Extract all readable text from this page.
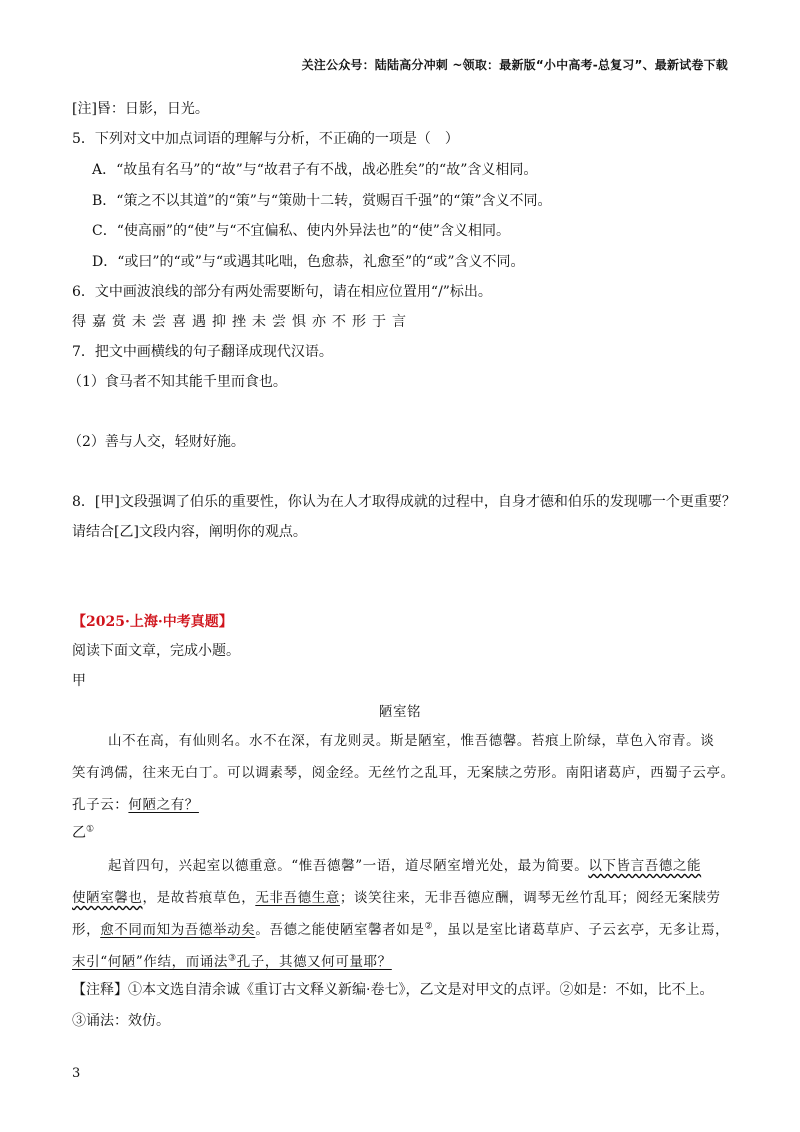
关注公众号：陆陆高分冲刺 ~领取：最新版“小中高考-总复习”、最新试卷下载
[注]昬：日影，日光。
5．下列对文中加点词语的理解与分析，不正确的一项是（　）
A．“故虽有名马”的“故”与“故君子有不战，战必胜矣”的“故”含义相同。
B．“策之不以其道”的“策”与“策勋十二转，赏赐百千强”的“策”含义不同。
C．“使高丽”的“使”与“不宜偏私、使内外异法也”的“使”含义相同。
D．“或曰”的“或”与“或遇其叱咄，色愈恭，礼愈至”的“或”含义不同。
6．文中画波浪线的部分有两处需要断句，请在相应位置用“/”标出。
得嘉赏未尝喜遇抑挫未尝惧亦不形于言
7．把文中画横线的句子翻译成现代汉语。
（1）食马者不知其能千里而食也。
（2）善与人交，轻财好施。
8．[甲]文段强调了伯乐的重要性，你认为在人才取得成就的过程中，自身才德和伯乐的发现哪一个更重要？
请结合[乙]文段内容，阐明你的观点。
【2025·上海·中考真题】
阅读下面文章，完成小题。
甲
陋室铭
山不在高，有仙则名。水不在深，有龙则灵。斯是陋室，惟吾德馨。苔痕上阶绿，草色入帘青。谈
笑有鸿儒，往来无白丁。可以调素琴，阅金经。无丝竹之乱耳，无案牍之劳形。南阳诸葛庐，西蜀子云亭。
孔子云：何陋之有？
乙①
起首四句，兴起室以德重意。“惟吾德馨”一语，道尽陋室增光处，最为简要。以下皆言吾德之能
使陋室馨也，是故苔痕草色，无非吾德生意；谈笑往来，无非吾德应酬，调琴无丝竹乱耳；阅经无案牍劳
形，愈不同而知为吾德举动矣。吾德之能使陋室馨者如是②，虽以是室比诸葛草庐、子云玄亭，无多让焉，
末引“何陋”作结，而诵法③孔子，其德又何可量耶？
【注释】①本文选自清余诚《重订古文释义新编·卷七》，乙文是对甲文的点评。②如是：不如，比不上。
③诵法：效仿。
3
